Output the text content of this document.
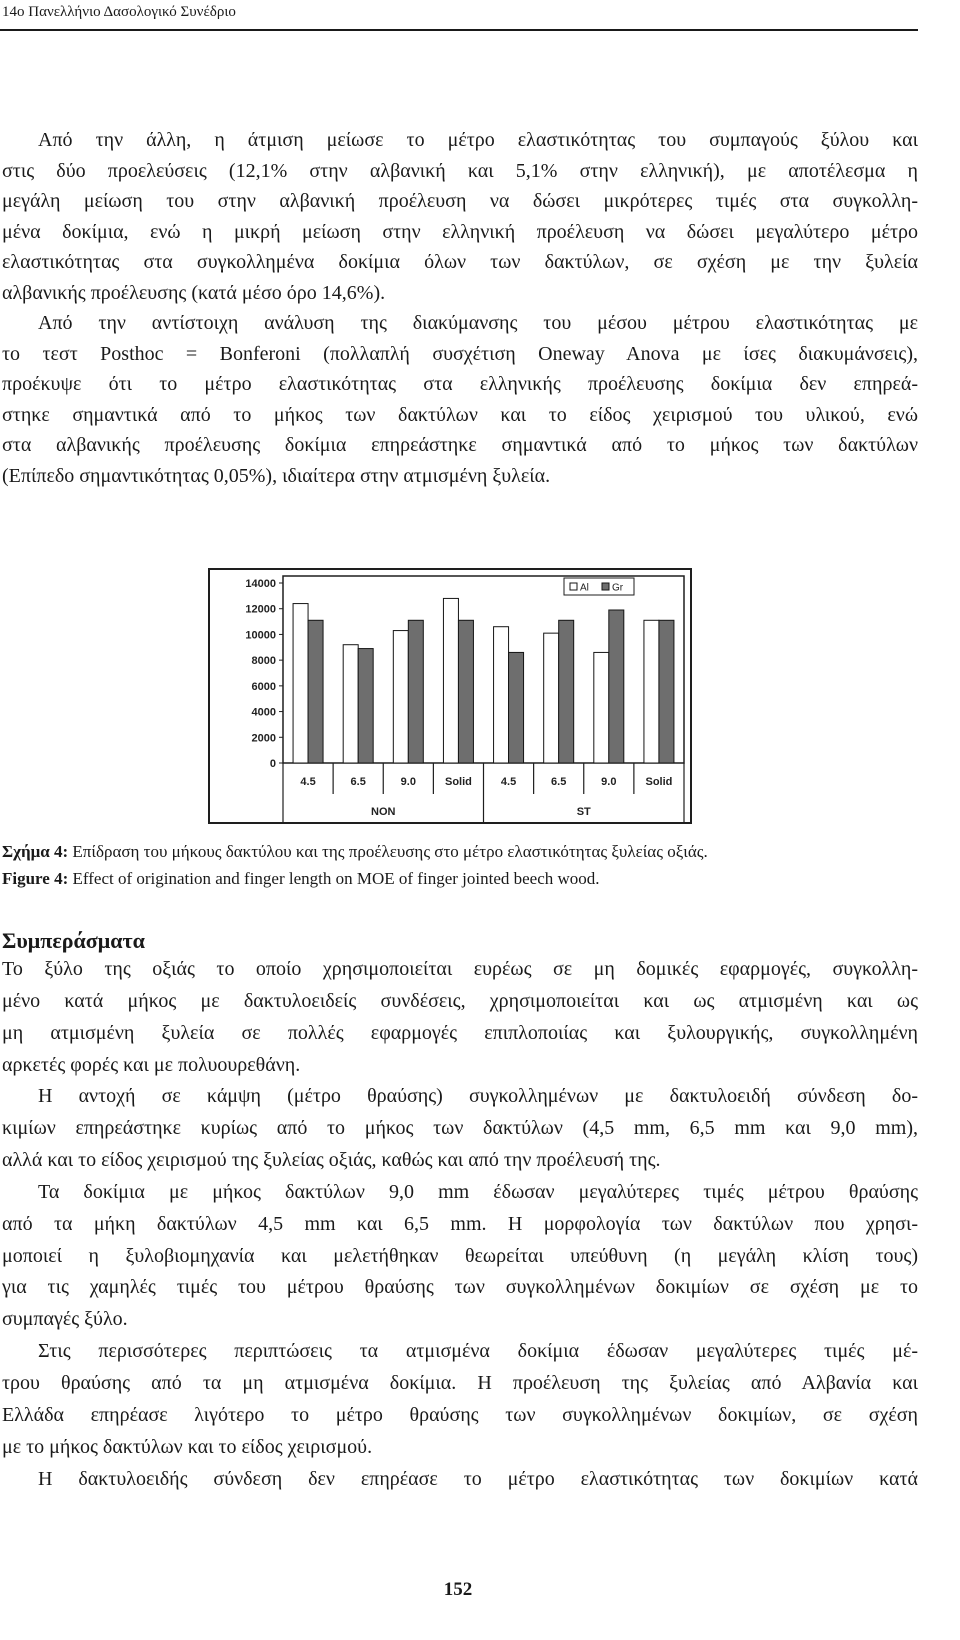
14ο Πανελλήνιο Δασολογικό Συνέδριο
Από την άλλη, η άτμιση μείωσε το μέτρο ελαστικότητας του συμπαγούς ξύλου και
στις δύο προελεύσεις (12,1% στην αλβανική και 5,1% στην ελληνική), με αποτέλεσμα η
μεγάλη μείωση του στην αλβανική προέλευση να δώσει μικρότερες τιμές στα συγκολλη-
μένα δοκίμια, ενώ η μικρή μείωση στην ελληνική προέλευση να δώσει μεγαλύτερο μέτρο
ελαστικότητας στα συγκολλημένα δοκίμια όλων των δακτύλων, σε σχέση με την ξυλεία
αλβανικής προέλευσης (κατά μέσο όρο 14,6%).
Από την αντίστοιχη ανάλυση της διακύμανσης του μέσου μέτρου ελαστικότητας με
το τεστ Posthoc = Bonferoni (πολλαπλή συσχέτιση Oneway Anova με ίσες διακυμάνσεις),
προέκυψε ότι το μέτρο ελαστικότητας στα ελληνικής προέλευσης δοκίμια δεν επηρεά-
στηκε σημαντικά από το μήκος των δακτύλων και το είδος χειρισμού του υλικού, ενώ
στα αλβανικής προέλευσης δοκίμια επηρεάστηκε σημαντικά από το μήκος των δακτύλων
(Επίπεδο σημαντικότητας 0,05%), ιδιαίτερα στην ατμισμένη ξυλεία.
0
2000
4000
6000
8000
10000
12000
14000
4.5	6.5	9.0	Solid	4.5	6.5	9.0	Solid
NON	ST
Al Gr
Σχήμα 4: Επίδραση του μήκους δακτύλου και της προέλευσης στο μέτρο ελαστικότητας ξυλείας οξιάς.
Figure 4: Effect of origination and finger length on MOE of finger jointed beech wood.
Συμπεράσματα
Το ξύλο της οξιάς το οποίο χρησιμοποιείται ευρέως σε μη δομικές εφαρμογές, συγκολλη-
μένο κατά μήκος με δακτυλοειδείς συνδέσεις, χρησιμοποιείται και ως ατμισμένη και ως
μη ατμισμένη ξυλεία σε πολλές εφαρμογές επιπλοποιίας και ξυλουργικής, συγκολλημένη
αρκετές φορές και με πολυουρεθάνη.
Η αντοχή σε κάμψη (μέτρο θραύσης) συγκολλημένων με δακτυλοειδή σύνδεση δο-
κιμίων επηρεάστηκε κυρίως από το μήκος των δακτύλων (4,5 mm, 6,5 mm και 9,0 mm),
αλλά και το είδος χειρισμού της ξυλείας οξιάς, καθώς και από την προέλευσή της.
Τα δοκίμια με μήκος δακτύλων 9,0 mm έδωσαν μεγαλύτερες τιμές μέτρου θραύσης
από τα μήκη δακτύλων 4,5 mm και 6,5 mm. Η μορφολογία των δακτύλων που χρησι-
μοποιεί η ξυλοβιομηχανία και μελετήθηκαν θεωρείται υπεύθυνη (η μεγάλη κλίση τους)
για τις χαμηλές τιμές του μέτρου θραύσης των συγκολλημένων δοκιμίων σε σχέση με το
συμπαγές ξύλο.
Στις περισσότερες περιπτώσεις τα ατμισμένα δοκίμια έδωσαν μεγαλύτερες τιμές μέ-
τρου θραύσης από τα μη ατμισμένα δοκίμια. Η προέλευση της ξυλείας από Αλβανία και
Ελλάδα επηρέασε λιγότερο το μέτρο θραύσης των συγκολλημένων δοκιμίων, σε σχέση
με το μήκος δακτύλων και το είδος χειρισμού.
Η δακτυλοειδής σύνδεση δεν επηρέασε το μέτρο ελαστικότητας των δοκιμίων κατά
152
